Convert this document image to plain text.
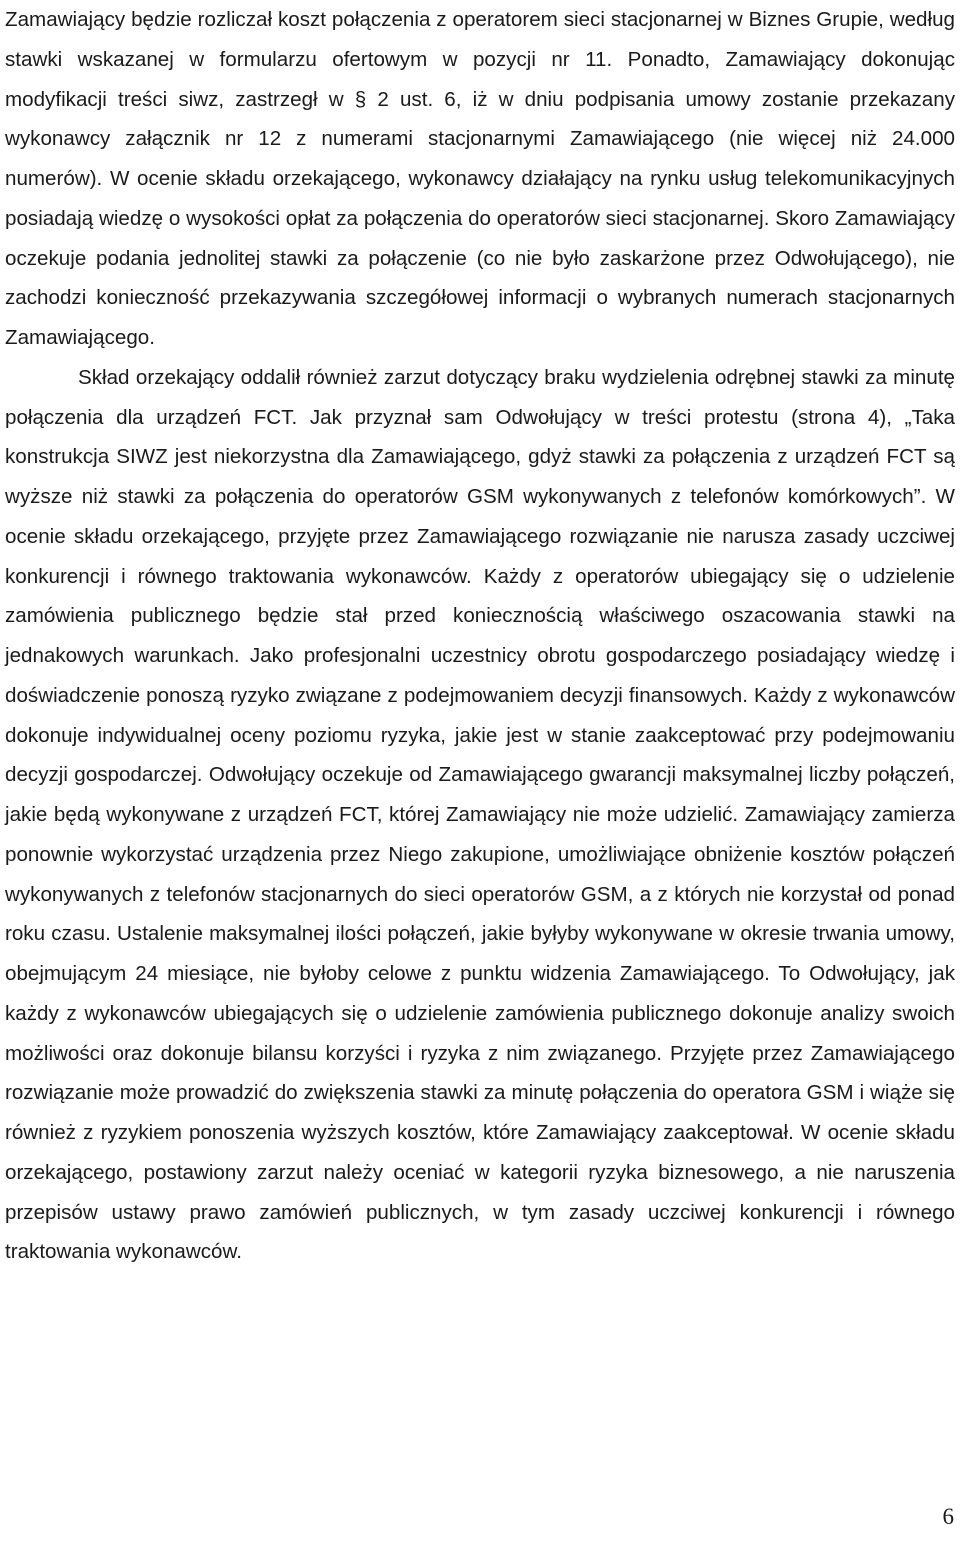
Zamawiający będzie rozliczał koszt połączenia z operatorem sieci stacjonarnej w Biznes Grupie, według stawki wskazanej w formularzu ofertowym w pozycji nr 11. Ponadto, Zamawiający dokonując modyfikacji treści siwz, zastrzegł w § 2 ust. 6, iż w dniu podpisania umowy zostanie przekazany wykonawcy załącznik nr 12 z numerami stacjonarnymi Zamawiającego (nie więcej niż 24.000 numerów). W ocenie składu orzekającego, wykonawcy działający na rynku usług telekomunikacyjnych posiadają wiedzę o wysokości opłat za połączenia do operatorów sieci stacjonarnej. Skoro Zamawiający oczekuje podania jednolitej stawki za połączenie (co nie było zaskarżone przez Odwołującego), nie zachodzi konieczność przekazywania szczegółowej informacji o wybranych numerach stacjonarnych Zamawiającego.

Skład orzekający oddalił również zarzut dotyczący braku wydzielenia odrębnej stawki za minutę połączenia dla urządzeń FCT. Jak przyznał sam Odwołujący w treści protestu (strona 4), „Taka konstrukcja SIWZ jest niekorzystna dla Zamawiającego, gdyż stawki za połączenia z urządzeń FCT są wyższe niż stawki za połączenia do operatorów GSM wykonywanych z telefonów komórkowych”. W ocenie składu orzekającego, przyjęte przez Zamawiającego rozwiązanie nie narusza zasady uczciwej konkurencji i równego traktowania wykonawców. Każdy z operatorów ubiegający się o udzielenie zamówienia publicznego będzie stał przed koniecznością właściwego oszacowania stawki na jednakowych warunkach. Jako profesjonalni uczestnicy obrotu gospodarczego posiadający wiedzę i doświadczenie ponoszą ryzyko związane z podejmowaniem decyzji finansowych. Każdy z wykonawców dokonuje indywidualnej oceny poziomu ryzyka, jakie jest w stanie zaakceptować przy podejmowaniu decyzji gospodarczej. Odwołujący oczekuje od Zamawiającego gwarancji maksymalnej liczby połączeń, jakie będą wykonywane z urządzeń FCT, której Zamawiający nie może udzielić. Zamawiający zamierza ponownie wykorzystać urządzenia przez Niego zakupione, umożliwiające obniżenie kosztów połączeń wykonywanych z telefonów stacjonarnych do sieci operatorów GSM, a z których nie korzystał od ponad roku czasu. Ustalenie maksymalnej ilości połączeń, jakie byłyby wykonywane w okresie trwania umowy, obejmującym 24 miesiące, nie byłoby celowe z punktu widzenia Zamawiającego. To Odwołujący, jak każdy z wykonawców ubiegających się o udzielenie zamówienia publicznego dokonuje analizy swoich możliwości oraz dokonuje bilansu korzyści i ryzyka z nim związanego. Przyjęte przez Zamawiającego rozwiązanie może prowadzić do zwiększenia stawki za minutę połączenia do operatora GSM i wiąże się również z ryzykiem ponoszenia wyższych kosztów, które Zamawiający zaakceptował. W ocenie składu orzekającego, postawiony zarzut należy oceniać w kategorii ryzyka biznesowego, a nie naruszenia przepisów ustawy prawo zamówień publicznych, w tym zasady uczciwej konkurencji i równego traktowania wykonawców.

6
